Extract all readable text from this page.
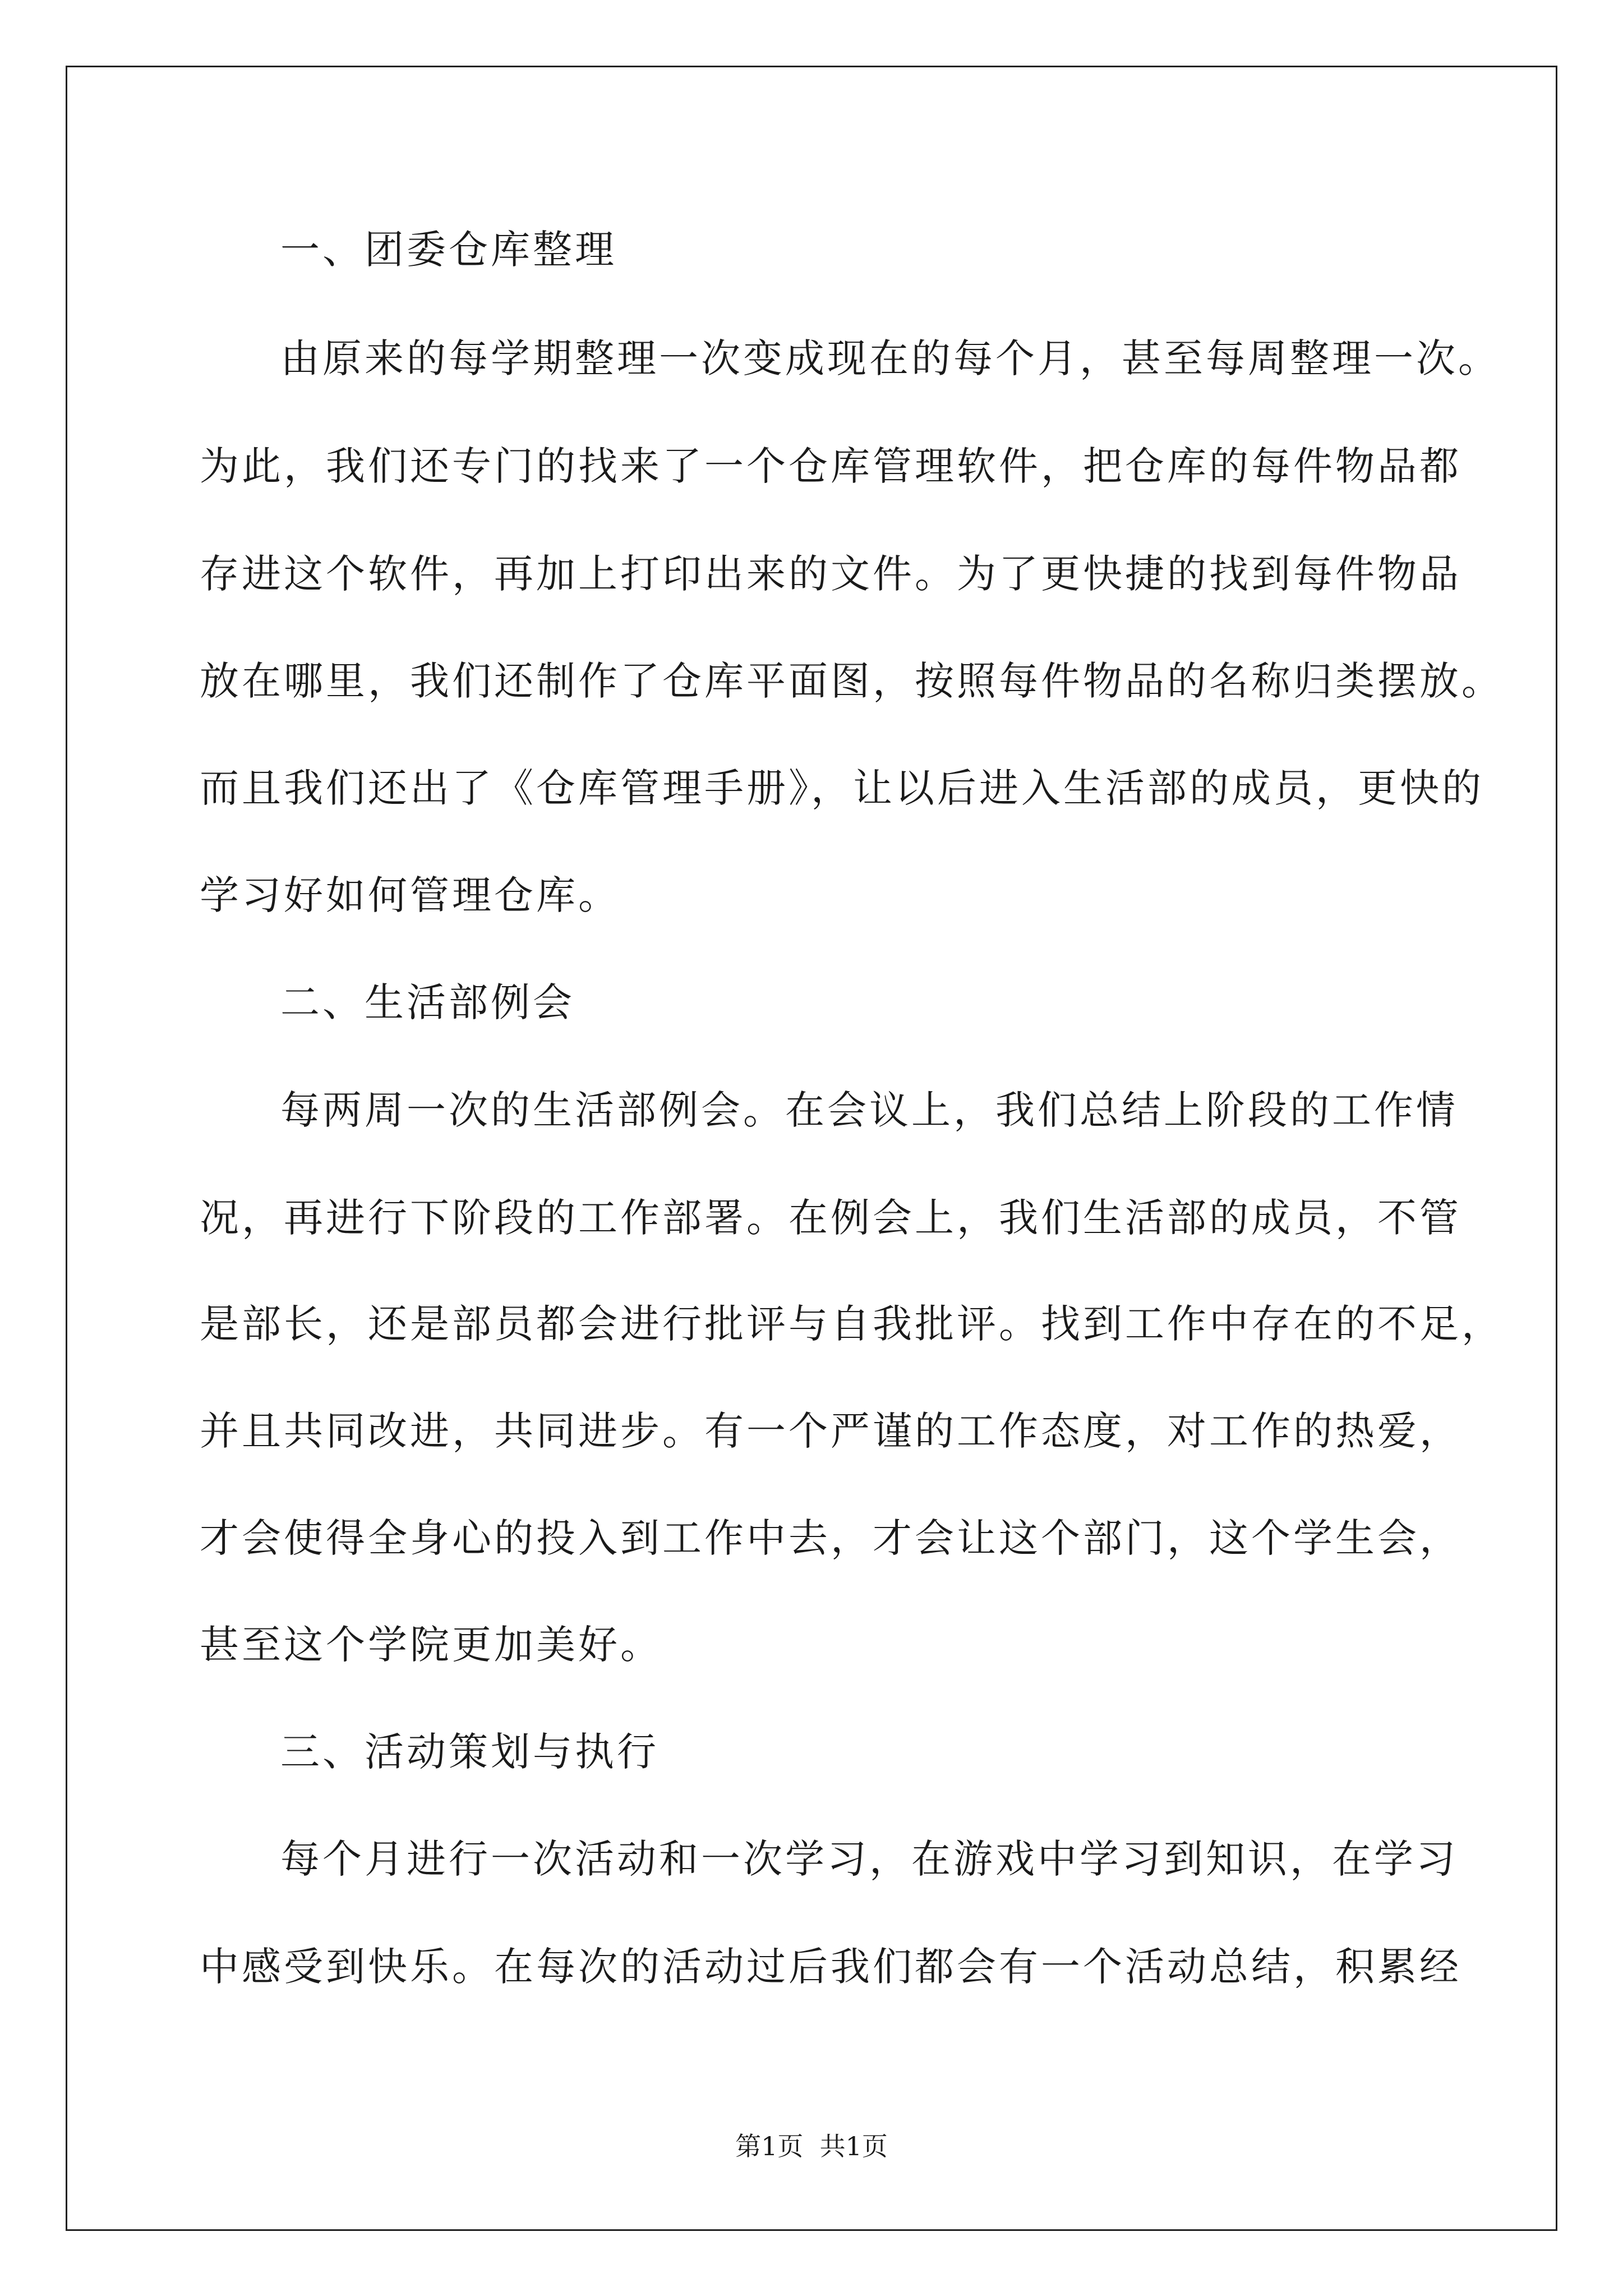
一、团委仓库整理

由原来的每学期整理一次变成现在的每个月，甚至每周整理一次。

为此，我们还专门的找来了一个仓库管理软件，把仓库的每件物品都

存进这个软件，再加上打印出来的文件。为了更快捷的找到每件物品

放在哪里，我们还制作了仓库平面图，按照每件物品的名称归类摆放。

而且我们还出了《仓库管理手册》，让以后进入生活部的成员，更快的

学习好如何管理仓库。

二、生活部例会

每两周一次的生活部例会。在会议上，我们总结上阶段的工作情

况，再进行下阶段的工作部署。在例会上，我们生活部的成员，不管

是部长，还是部员都会进行批评与自我批评。找到工作中存在的不足，

并且共同改进，共同进步。有一个严谨的工作态度，对工作的热爱，

才会使得全身心的投入到工作中去，才会让这个部门，这个学生会，

甚至这个学院更加美好。

三、活动策划与执行

每个月进行一次活动和一次学习，在游戏中学习到知识，在学习

中感受到快乐。在每次的活动过后我们都会有一个活动总结，积累经

第1页  共1页
